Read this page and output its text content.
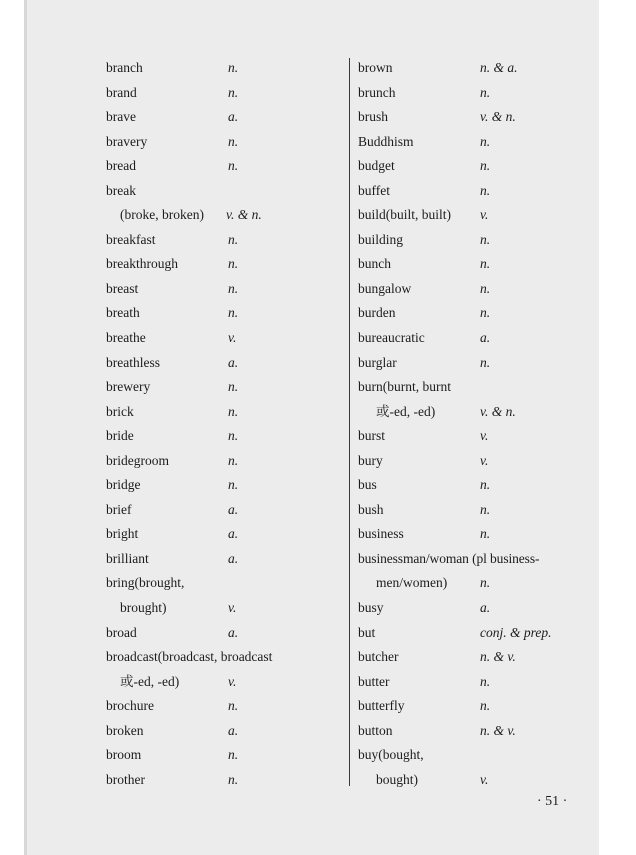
branch	n.
brand	n.
brave	a.
bravery	n.
bread	n.
break
(broke, broken) v. & n.
breakfast	n.
breakthrough	n.
breast	n.
breath	n.
breathe	v.
breathless	a.
brewery	n.
brick	n.
bride	n.
bridegroom	n.
bridge	n.
brief	a.
bright	a.
brilliant	a.
bring(brought,
brought)	v.
broad	a.
broadcast(broadcast, broadcast
或-ed, -ed)	v.
brochure	n.
broken	a.
broom	n.
brother	n.
brown	n. & a.
brunch	n.
brush	v. & n.
Buddhism	n.
budget	n.
buffet	n.
build(built, built) v.
building	n.
bunch	n.
bungalow	n.
burden	n.
bureaucratic	a.
burglar	n.
burn(burnt, burnt
或-ed, -ed)	v. & n.
burst	v.
bury	v.
bus	n.
bush	n.
business	n.
businessman/woman (pl business-
men/women) n.
busy	a.
but	conj. & prep.
butcher	n. & v.
butter	n.
butterfly	n.
button	n. & v.
buy(bought,
bought)	v.
· 51 ·
